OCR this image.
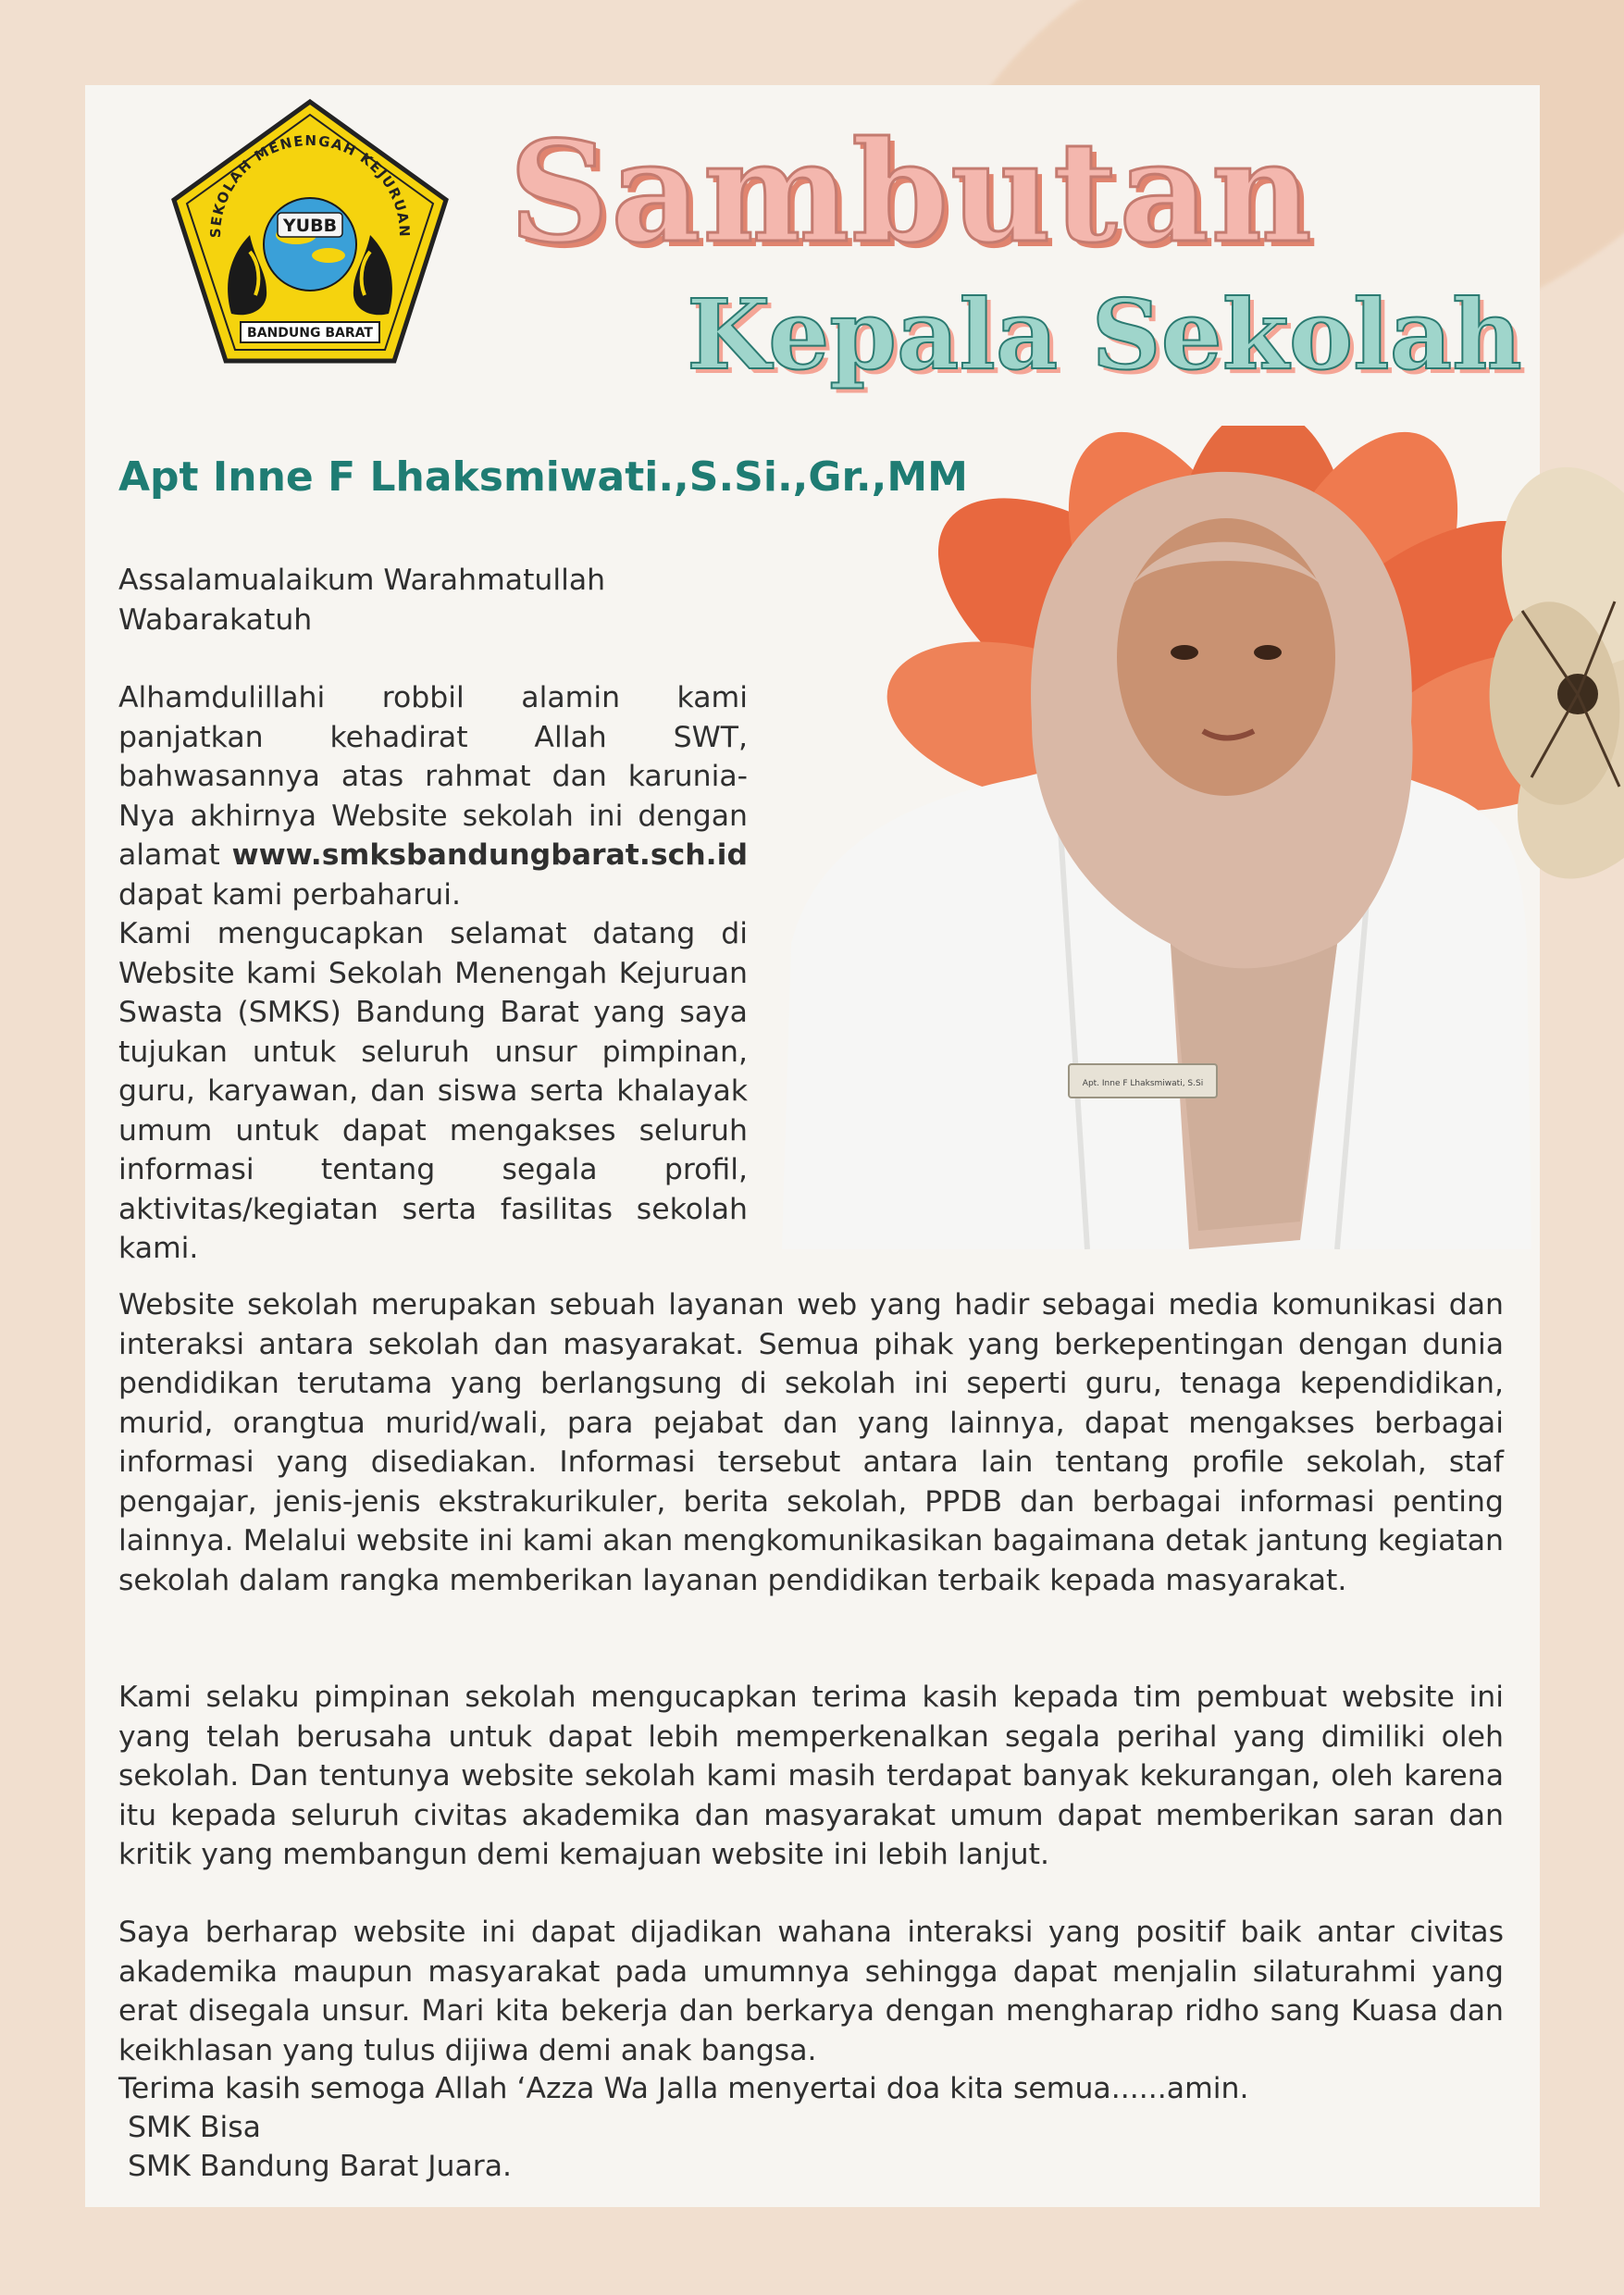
SEKOLAH MENENGAH KEJURUAN
YUBB
BANDUNG BARAT
Sambutan
Kepala Sekolah
Apt. Inne F Lhaksmiwati, S.Si
Apt Inne F Lhaksmiwati.,S.Si.,Gr.,MM
Assalamualaikum Warahmatullah Wabarakatuh
Alhamdulillahi robbil alamin kami panjatkan kehadirat Allah SWT, bahwasannya atas rahmat dan karunia-Nya akhirnya Website sekolah ini dengan alamat www.smksbandungbarat.sch.id dapat kami perbaharui.
Kami mengucapkan selamat datang di Website kami Sekolah Menengah Kejuruan Swasta (SMKS) Bandung Barat yang saya tujukan untuk seluruh unsur pimpinan, guru, karyawan, dan siswa serta khalayak umum untuk dapat mengakses seluruh informasi tentang segala profil, aktivitas/kegiatan serta fasilitas sekolah kami.
Website sekolah merupakan sebuah layanan web yang hadir sebagai media komunikasi dan interaksi antara sekolah dan masyarakat. Semua pihak yang berkepentingan dengan dunia pendidikan terutama yang berlangsung di sekolah ini seperti guru, tenaga kependidikan, murid, orangtua murid/wali, para pejabat dan yang lainnya, dapat mengakses berbagai informasi yang disediakan. Informasi tersebut antara lain tentang profile sekolah, staf pengajar, jenis-jenis ekstrakurikuler, berita sekolah, PPDB dan berbagai informasi penting lainnya. Melalui website ini kami akan mengkomunikasikan bagaimana detak jantung kegiatan sekolah dalam rangka memberikan layanan pendidikan terbaik kepada masyarakat.
Kami selaku pimpinan sekolah mengucapkan terima kasih kepada tim pembuat website ini yang telah berusaha untuk dapat lebih memperkenalkan segala perihal yang dimiliki oleh sekolah. Dan tentunya website sekolah kami masih terdapat banyak kekurangan, oleh karena itu kepada seluruh civitas akademika dan masyarakat umum dapat memberikan saran dan kritik yang membangun demi kemajuan website ini lebih lanjut.
Saya berharap website ini dapat dijadikan wahana interaksi yang positif baik antar civitas akademika maupun masyarakat pada umumnya sehingga dapat menjalin silaturahmi yang erat disegala unsur. Mari kita bekerja dan berkarya dengan mengharap ridho sang Kuasa dan keikhlasan yang tulus dijiwa demi anak bangsa.
Terima kasih semoga Allah ‘Azza Wa Jalla menyertai doa kita semua......amin.
SMK Bisa
SMK Bandung Barat Juara.
